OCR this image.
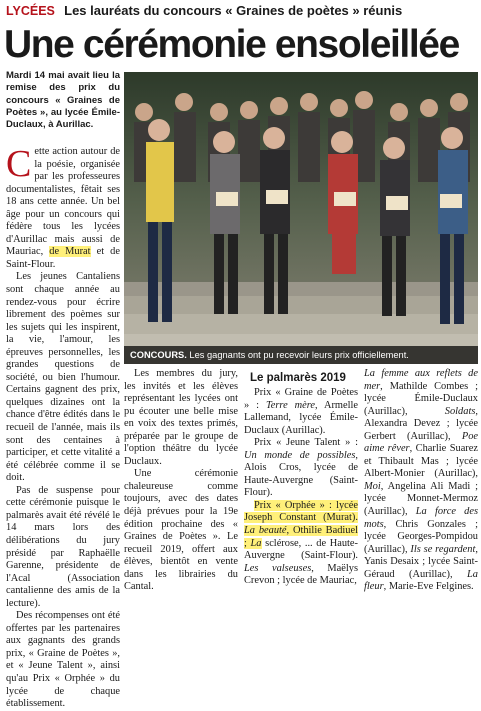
LYCÉES Les lauréats du concours « Graines de poètes » réunis
Une cérémonie ensoleillée
Mardi 14 mai avait lieu la remise des prix du concours « Graines de Poètes », au lycée Émile-Duclaux, à Aurillac.
CONCOURS. Les gagnants ont pu recevoir leurs prix officiellement.

Cette action autour de la poésie, organisée par les professeures documentalistes, fêtait ses 18 ans cette année. Un bel âge pour un concours qui fédère tous les lycées d'Aurillac mais aussi de Mauriac, de Murat et de Saint-Flour.

Les jeunes Cantaliens sont chaque année au rendez-vous pour écrire librement des poèmes sur les sujets qui les inspirent, la vie, l'amour, les épreuves personnelles, les grandes questions de société, ou bien l'humour. Certains gagnent des prix, quelques dizaines ont la chance d'être édités dans le recueil de l'année, mais ils sont des centaines à participer, et cette vitalité a été célébrée comme il se doit.

Pas de suspense pour cette cérémonie puisque le palmarès avait été révélé le 14 mars lors des délibérations du jury présidé par Raphaëlle Garenne, présidente de l'Acal (Association cantalienne des amis de la lecture).

Des récompenses ont été offertes par les partenaires aux gagnants des grands prix, « Graine de Poètes », et « Jeune Talent », ainsi qu'au Prix « Orphée » du lycée de chaque établissement.

Les membres du jury, les invités et les élèves représentant les lycées ont pu écouter une belle mise en voix des textes primés, préparée par le groupe de l'option théâtre du lycée Duclaux.

Une cérémonie chaleureuse comme toujours, avec des dates déjà prévues pour la 19e édition prochaine des « Graines de Poètes ». Le recueil 2019, offert aux élèves, bientôt en vente dans les librairies du Cantal.

Le palmarès 2019

Prix « Graine de Poètes » : Terre mère, Armelle Lallemand, lycée Émile-Duclaux (Aurillac).

Prix « Jeune Talent » : Un monde de possibles, Alois Cros, lycée de Haute-Auvergne (Saint-Flour).

Prix « Orphée » : lycée Joseph Constant (Murat). La beauté, Othilie Badiuel ; La sclérose, ... de Haute-Auvergne (Saint-Flour). Les valseuses, Maëlys Crevon ; lycée de Mauriac,

La femme aux reflets de mer, Mathilde Combes ; lycée Émile-Duclaux (Aurillac), Soldats, Alexandra Devez ; lycée Gerbert (Aurillac), Poe aime rêver, Charlie Suarez et Thibault Mas ; lycée Albert-Monier (Aurillac), Moi, Angelina Ali Madi ; lycée Monnet-Mermoz (Aurillac), La force des mots, Chris Gonzales ; lycée Georges-Pompidou (Aurillac), Ils se regardent, Yanis Desaix ; lycée Saint-Géraud (Aurillac), La fleur, Marie-Eve Felgines.
